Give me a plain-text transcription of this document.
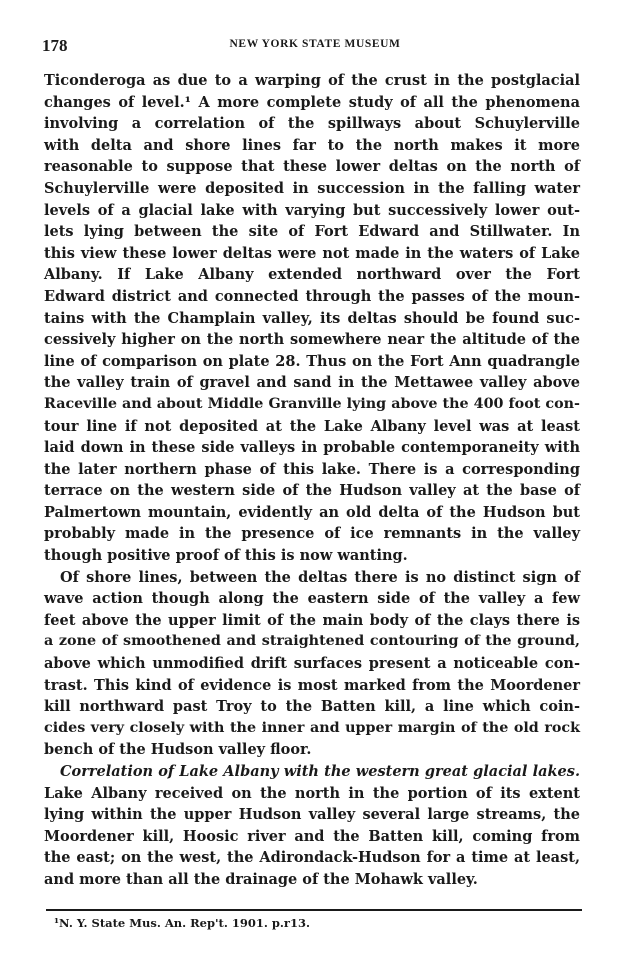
178	NEW YORK STATE MUSEUM
Ticonderoga as due to a warping of the crust in the postglacial
changes of level.¹ A more complete study of all the phenomena
involving a correlation of the spillways about Schuylerville
with delta and shore lines far to the north makes it more
reasonable to suppose that these lower deltas on the north of
Schuylerville were deposited in succession in the falling water
levels of a glacial lake with varying but successively lower out-
lets lying between the site of Fort Edward and Stillwater. In
this view these lower deltas were not made in the waters of Lake
Albany. If Lake Albany extended northward over the Fort
Edward district and connected through the passes of the moun-
tains with the Champlain valley, its deltas should be found suc-
cessively higher on the north somewhere near the altitude of the
line of comparison on plate 28. Thus on the Fort Ann quadrangle
the valley train of gravel and sand in the Mettawee valley above
Raceville and about Middle Granville lying above the 400 foot con-
tour line if not deposited at the Lake Albany level was at least
laid down in these side valleys in probable contemporaneity with
the later northern phase of this lake. There is a corresponding
terrace on the western side of the Hudson valley at the base of
Palmertown mountain, evidently an old delta of the Hudson but
probably made in the presence of ice remnants in the valley
though positive proof of this is now wanting.
Of shore lines, between the deltas there is no distinct sign of
wave action though along the eastern side of the valley a few
feet above the upper limit of the main body of the clays there is
a zone of smoothened and straightened contouring of the ground,
above which unmodified drift surfaces present a noticeable con-
trast. This kind of evidence is most marked from the Moordener
kill northward past Troy to the Batten kill, a line which coin-
cides very closely with the inner and upper margin of the old rock
bench of the Hudson valley floor.
Correlation of Lake Albany with the western great glacial lakes.
Lake Albany received on the north in the portion of its extent
lying within the upper Hudson valley several large streams, the
Moordener kill, Hoosic river and the Batten kill, coming from
the east; on the west, the Adirondack-Hudson for a time at least,
and more than all the drainage of the Mohawk valley.
¹N. Y. State Mus. An. Rep't. 1901. p.r13.
